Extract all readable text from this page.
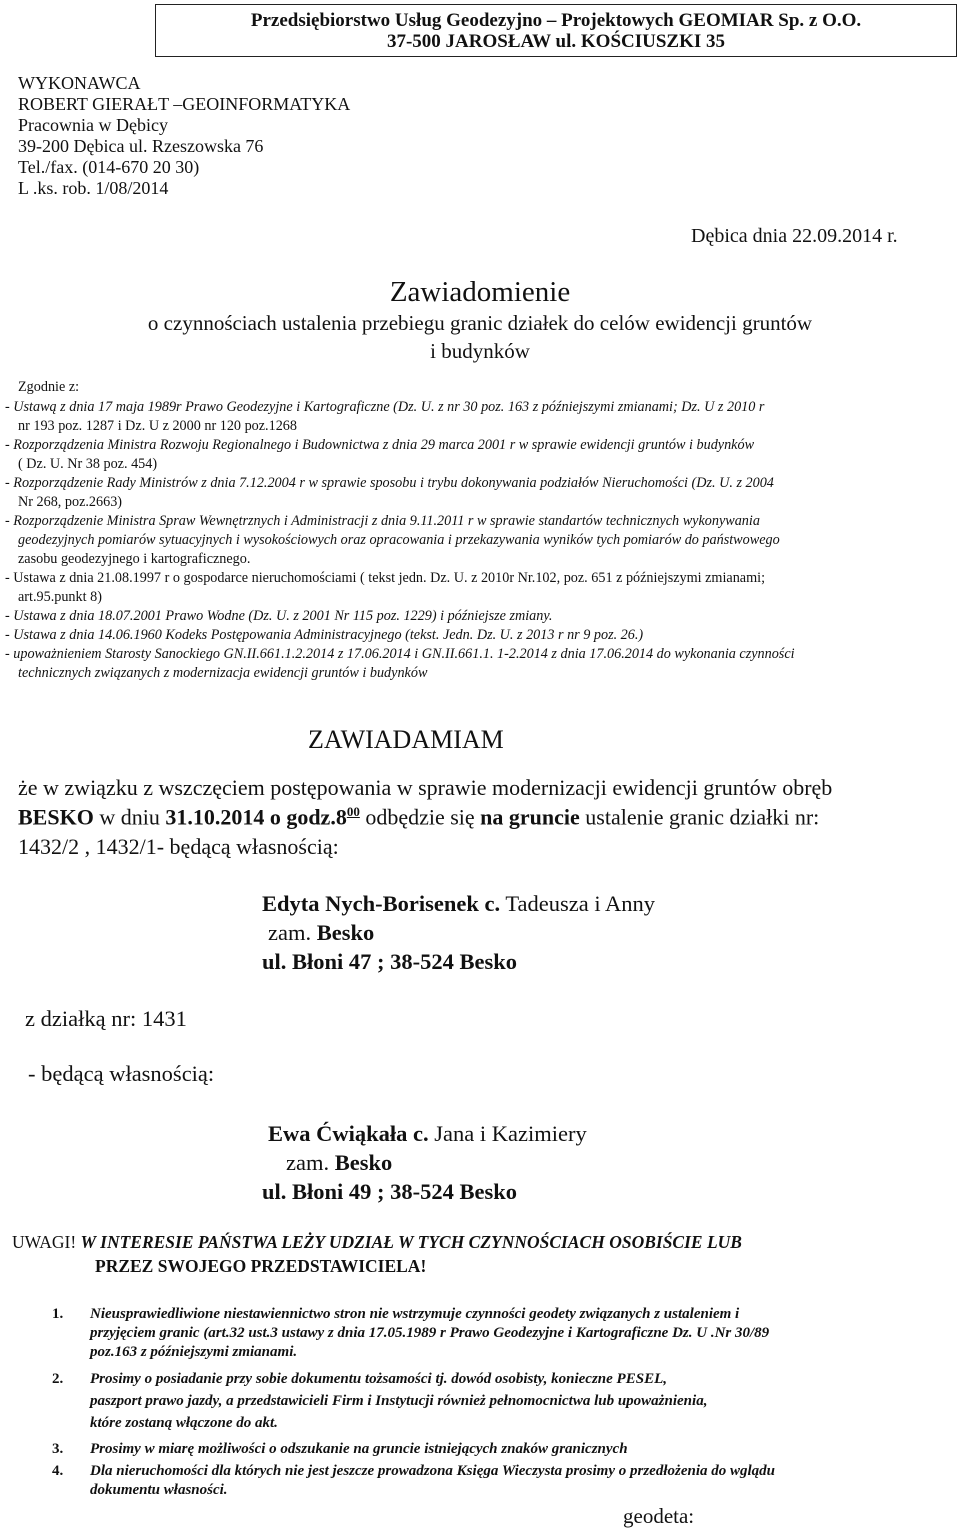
Przedsiębiorstwo Usług Geodezyjno – Projektowych GEOMIAR Sp. z O.O.
37-500 JAROSŁAW ul. KOŚCIUSZKI 35
WYKONAWCA
ROBERT GIERAŁT –GEOINFORMATYKA
Pracownia w Dębicy
39-200 Dębica ul. Rzeszowska 76
Tel./fax. (014-670 20 30)
L .ks. rob. 1/08/2014
Dębica dnia 22.09.2014 r.
Zawiadomienie
o czynnościach ustalenia przebiegu granic działek do celów ewidencji gruntów
i budynków
Zgodnie z:
- Ustawą z dnia 17 maja 1989r Prawo Geodezyjne i Kartograficzne (Dz. U. z nr 30 poz. 163 z późniejszymi zmianami; Dz. U z 2010 r
nr 193 poz. 1287 i Dz. U z 2000 nr 120 poz.1268
- Rozporządzenia Ministra Rozwoju Regionalnego i Budownictwa z dnia 29 marca 2001 r w sprawie ewidencji gruntów i budynków
( Dz. U. Nr 38 poz. 454)
- Rozporządzenie Rady Ministrów z dnia 7.12.2004 r w sprawie sposobu i trybu dokonywania podziałów Nieruchomości (Dz. U. z 2004
Nr 268, poz.2663)
- Rozporządzenie Ministra Spraw Wewnętrznych i Administracji z dnia 9.11.2011 r w sprawie standartów technicznych wykonywania
geodezyjnych pomiarów sytuacyjnych i wysokościowych oraz opracowania i przekazywania wyników tych pomiarów do państwowego
zasobu geodezyjnego i kartograficznego.
- Ustawa z dnia 21.08.1997 r o gospodarce nieruchomościami ( tekst jedn. Dz. U. z 2010r Nr.102, poz. 651 z późniejszymi zmianami;
art.95.punkt 8)
- Ustawa z dnia 18.07.2001 Prawo Wodne (Dz. U. z 2001 Nr 115 poz. 1229) i późniejsze zmiany.
- Ustawa z dnia 14.06.1960 Kodeks Postępowania Administracyjnego (tekst. Jedn. Dz. U. z 2013 r nr 9 poz. 26.)
- upoważnieniem Starosty Sanockiego GN.II.661.1.2.2014 z 17.06.2014 i GN.II.661.1. 1-2.2014 z dnia 17.06.2014 do wykonania czynności
technicznych związanych z modernizacja ewidencji gruntów i budynków
ZAWIADAMIAM
że w związku z wszczęciem postępowania w sprawie modernizacji ewidencji gruntów obręb
BESKO w dniu 31.10.2014 o $godz.8^{00}$ odbędzie się na gruncie ustalenie granic działki nr:
1432/2 , 1432/1- będącą własnością:
Edyta Nych-Borisenek c. Tadeusza i Anny
zam. Besko
ul. Błoni 47 ; 38-524 Besko
z działką nr: 1431
- będącą własnością:
Ewa Ćwiąkała c. Jana i Kazimiery
zam. Besko
ul. Błoni 49 ; 38-524 Besko
UWAGI! W INTERESIE PAŃSTWA LEŻY UDZIAŁ W TYCH CZYNNOŚCIACH OSOBIŚCIE LUB
PRZEZ SWOJEGO PRZEDSTAWICIELA!
1. Nieusprawiedliwione niestawiennictwo stron nie wstrzymuje czynności geodety związanych z ustaleniem i
przyjęciem granic (art.32 ust.3 ustawy z dnia 17.05.1989 r Prawo Geodezyjne i Kartograficzne Dz. U .Nr 30/89
poz.163 z późniejszymi zmianami.
2. Prosimy o posiadanie przy sobie dokumentu tożsamości tj. dowód osobisty, konieczne PESEL,
paszport prawo jazdy, a przedstawicieli Firm i Instytucji również pełnomocnictwa lub upoważnienia,
które zostaną włączone do akt.
3. Prosimy w miarę możliwości o odszukanie na gruncie istniejących znaków granicznych
4. Dla nieruchomości dla których nie jest jeszcze prowadzona Księga Wieczysta prosimy o przedłożenia do wglądu
dokumentu własności.
geodeta:
